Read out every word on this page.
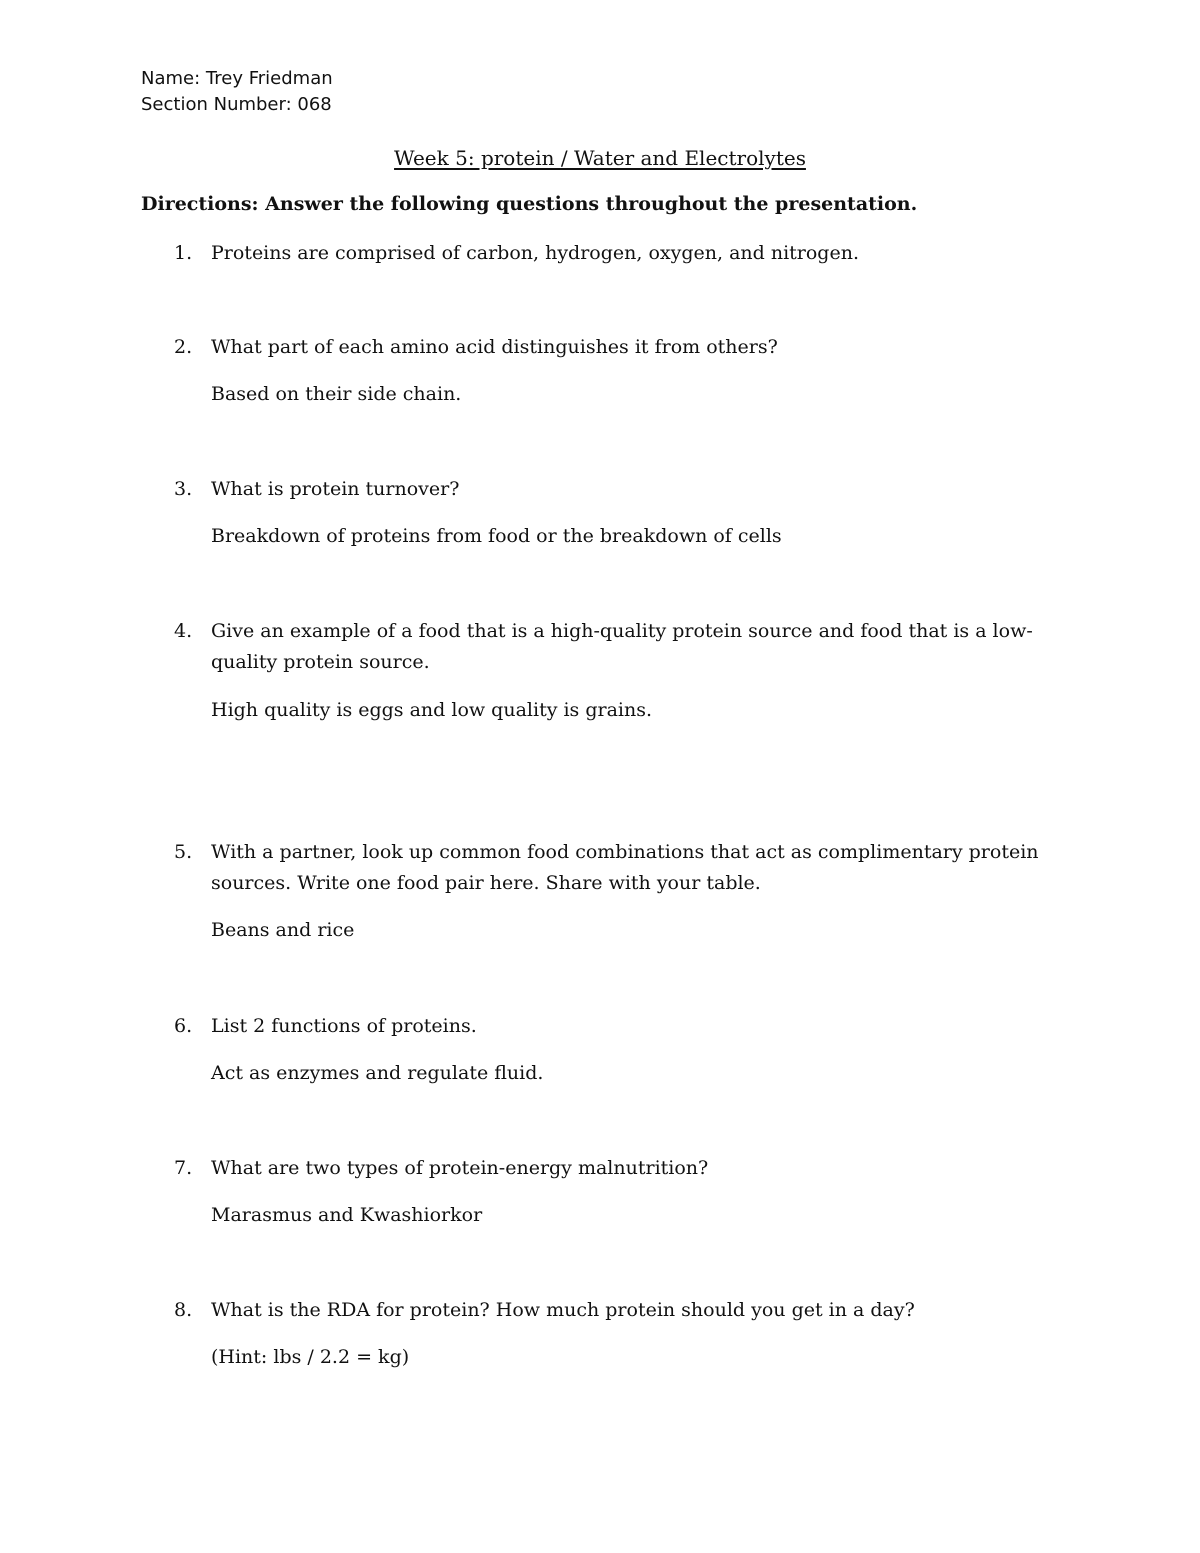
Name: Trey Friedman
Section Number: 068
Week 5: protein / Water and Electrolytes
Directions: Answer the following questions throughout the presentation.
1. Proteins are comprised of carbon, hydrogen, oxygen, and nitrogen.
2. What part of each amino acid distinguishes it from others?
Based on their side chain.
3. What is protein turnover?
Breakdown of proteins from food or the breakdown of cells
4. Give an example of a food that is a high-quality protein source and food that is a low-quality protein source.
High quality is eggs and low quality is grains.
5. With a partner, look up common food combinations that act as complimentary protein sources. Write one food pair here. Share with your table.
Beans and rice
6. List 2 functions of proteins.
Act as enzymes and regulate fluid.
7. What are two types of protein-energy malnutrition?
Marasmus and Kwashiorkor
8. What is the RDA for protein? How much protein should you get in a day?
(Hint: lbs / 2.2 = kg)
